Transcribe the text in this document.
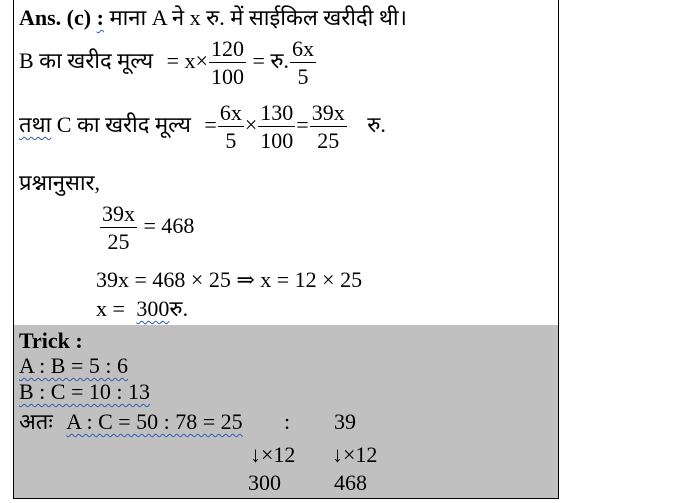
Ans. (c) : माना A ने x रु. में साईकिल खरीदी थी।
B का खरीद मूल्य = $x\times \frac{120}{100}$ = रु. $\frac{6x}{5}$
तथा C का खरीद मूल्य = $\frac{6x}{5} \times \frac{130}{100} = \frac{39x}{25}$ रु.
प्रश्नानुसार,
$\frac{39x}{25} = 468$
39x = 468 × 25 ⇒ x = 12 × 25
x = 300रु.
Trick :
A : B = 5 : 6
B : C = 10 : 13
अतः A : C = 50 : 78 = 25 : 39
↓×12 ↓×12
300 468
